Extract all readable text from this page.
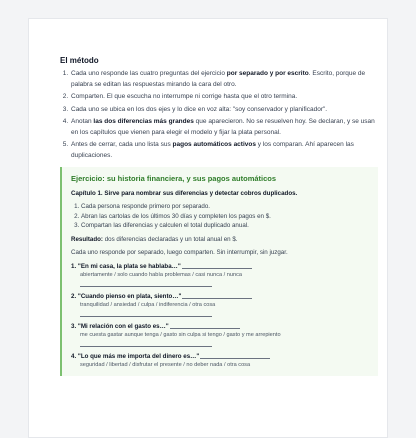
El método
1. Cada uno responde las cuatro preguntas del ejercicio por separado y por escrito. Escrito, porque de palabra se editan las respuestas mirando la cara del otro.
2. Comparten. El que escucha no interrumpe ni corrige hasta que el otro termina.
3. Cada uno se ubica en los dos ejes y lo dice en voz alta: "soy conservador y planificador".
4. Anotan las dos diferencias más grandes que aparecieron. No se resuelven hoy. Se declaran, y se usan en los capítulos que vienen para elegir el modelo y fijar la plata personal.
5. Antes de cerrar, cada uno lista sus pagos automáticos activos y los comparan. Ahí aparecen las duplicaciones.
Ejercicio: su historia financiera, y sus pagos automáticos

Capítulo 1. Sirve para nombrar sus diferencias y detectar cobros duplicados.

1. Cada persona responde primero por separado.
2. Abran las cartolas de los últimos 30 días y completen los pagos en $.
3. Compartan las diferencias y calculen el total duplicado anual.

Resultado: dos diferencias declaradas y un total anual en $.

Cada uno responde por separado, luego comparten. Sin interrumpir, sin juzgar.

1. "En mi casa, la plata se hablaba…"
abiertamente / solo cuando había problemas / casi nunca / nunca
2. "Cuando pienso en plata, siento…"
tranquilidad / ansiedad / culpa / indiferencia / otra cosa
3. "Mi relación con el gasto es…"
me cuesta gastar aunque tenga / gasto sin culpa si tengo / gasto y me arrepiento
4. "Lo que más me importa del dinero es…"
seguridad / libertad / disfrutar el presente / no deber nada / otra cosa
